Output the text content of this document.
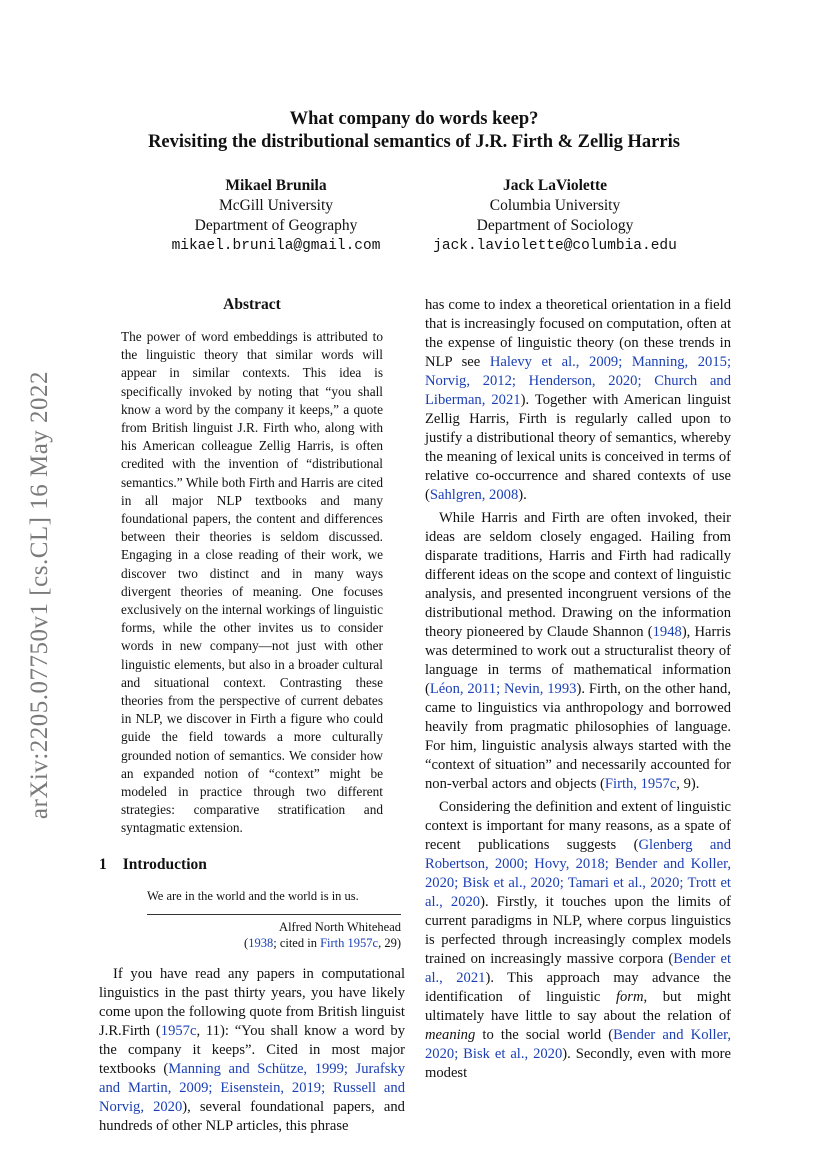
arXiv:2205.07750v1 [cs.CL] 16 May 2022
What company do words keep?
Revisiting the distributional semantics of J.R. Firth & Zellig Harris
Mikael Brunila
McGill University
Department of Geography
mikael.brunila@gmail.com
Jack LaViolette
Columbia University
Department of Sociology
jack.laviolette@columbia.edu
Abstract
The power of word embeddings is attributed to the linguistic theory that similar words will appear in similar contexts. This idea is specifically invoked by noting that “you shall know a word by the company it keeps,” a quote from British linguist J.R. Firth who, along with his American colleague Zellig Harris, is often credited with the invention of “distributional semantics.” While both Firth and Harris are cited in all major NLP textbooks and many foundational papers, the content and differences between their theories is seldom discussed. Engaging in a close reading of their work, we discover two distinct and in many ways divergent theories of meaning. One focuses exclusively on the internal workings of linguistic forms, while the other invites us to consider words in new company—not just with other linguistic elements, but also in a broader cultural and situational context. Contrasting these theories from the perspective of current debates in NLP, we discover in Firth a figure who could guide the field towards a more culturally grounded notion of semantics. We consider how an expanded notion of “context” might be modeled in practice through two different strategies: comparative stratification and syntagmatic extension.
1 Introduction
We are in the world and the world is in us.
Alfred North Whitehead
(1938; cited in Firth 1957c, 29)

If you have read any papers in computational linguistics in the past thirty years, you have likely come upon the following quote from British linguist J.R.Firth (1957c, 11): “You shall know a word by the company it keeps”. Cited in most major textbooks (Manning and Schütze, 1999; Jurafsky and Martin, 2009; Eisenstein, 2019; Russell and Norvig, 2020), several foundational papers, and hundreds of other NLP articles, this phrase

has come to index a theoretical orientation in a field that is increasingly focused on computation, often at the expense of linguistic theory (on these trends in NLP see Halevy et al., 2009; Manning, 2015; Norvig, 2012; Henderson, 2020; Church and Liberman, 2021). Together with American linguist Zellig Harris, Firth is regularly called upon to justify a distributional theory of semantics, whereby the meaning of lexical units is conceived in terms of relative co-occurrence and shared contexts of use (Sahlgren, 2008).

While Harris and Firth are often invoked, their ideas are seldom closely engaged. Hailing from disparate traditions, Harris and Firth had radically different ideas on the scope and context of linguistic analysis, and presented incongruent versions of the distributional method. Drawing on the information theory pioneered by Claude Shannon (1948), Harris was determined to work out a structuralist theory of language in terms of mathematical information (Léon, 2011; Nevin, 1993). Firth, on the other hand, came to linguistics via anthropology and borrowed heavily from pragmatic philosophies of language. For him, linguistic analysis always started with the “context of situation” and necessarily accounted for non-verbal actors and objects (Firth, 1957c, 9).

Considering the definition and extent of linguistic context is important for many reasons, as a spate of recent publications suggests (Glenberg and Robertson, 2000; Hovy, 2018; Bender and Koller, 2020; Bisk et al., 2020; Tamari et al., 2020; Trott et al., 2020). Firstly, it touches upon the limits of current paradigms in NLP, where corpus linguistics is perfected through increasingly complex models trained on increasingly massive corpora (Bender et al., 2021). This approach may advance the identification of linguistic form, but might ultimately have little to say about the relation of meaning to the social world (Bender and Koller, 2020; Bisk et al., 2020). Secondly, even with more modest
